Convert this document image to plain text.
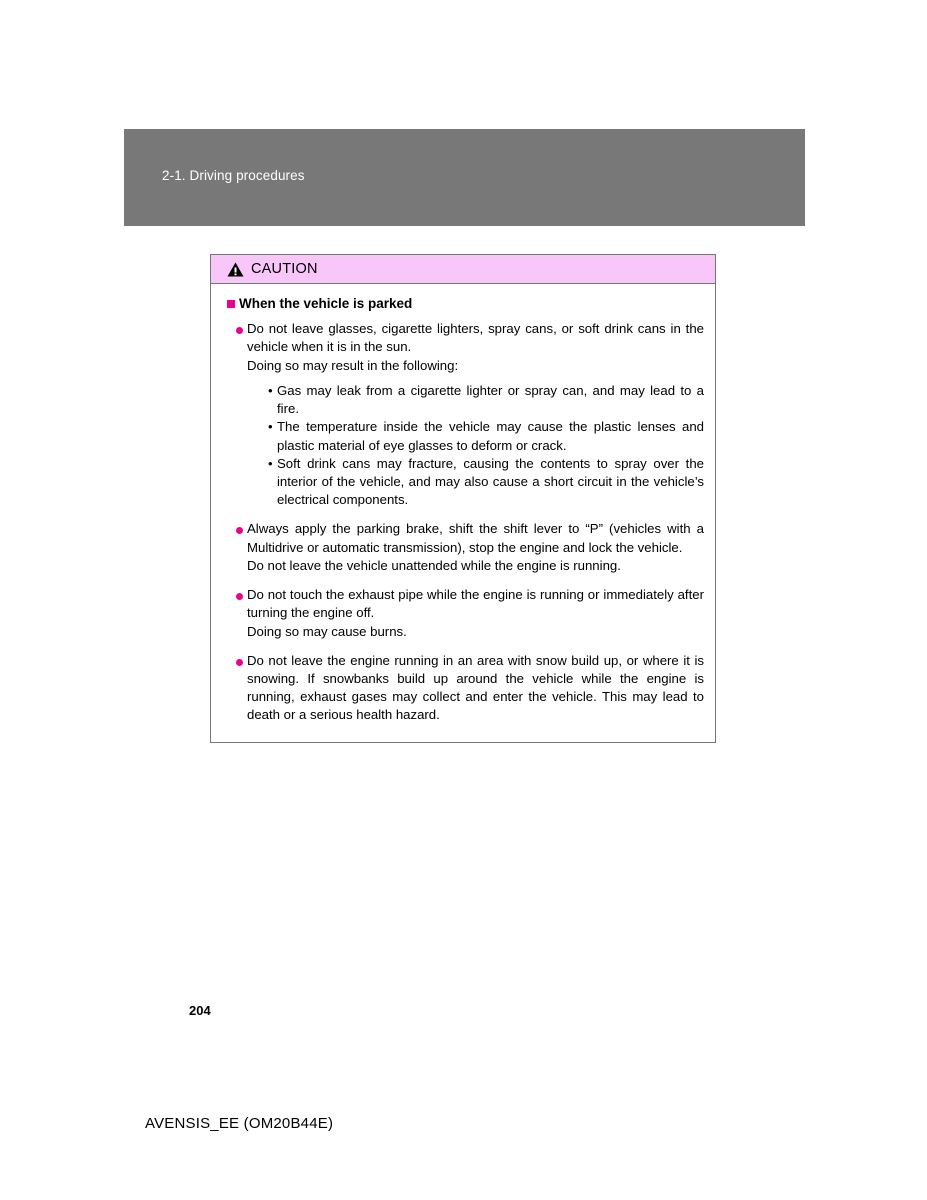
2-1. Driving procedures
CAUTION
When the vehicle is parked

Do not leave glasses, cigarette lighters, spray cans, or soft drink cans in the vehicle when it is in the sun.

Doing so may result in the following:

• Gas may leak from a cigarette lighter or spray can, and may lead to a fire.
• The temperature inside the vehicle may cause the plastic lenses and plastic material of eye glasses to deform or crack.
• Soft drink cans may fracture, causing the contents to spray over the interior of the vehicle, and may also cause a short circuit in the vehicle’s electrical components.

Always apply the parking brake, shift the shift lever to “P” (vehicles with a Multidrive or automatic transmission), stop the engine and lock the vehicle.

Do not leave the vehicle unattended while the engine is running.

Do not touch the exhaust pipe while the engine is running or immediately after turning the engine off.

Doing so may cause burns.

Do not leave the engine running in an area with snow build up, or where it is snowing. If snowbanks build up around the vehicle while the engine is running, exhaust gases may collect and enter the vehicle. This may lead to death or a serious health hazard.

204
AVENSIS_EE (OM20B44E)
